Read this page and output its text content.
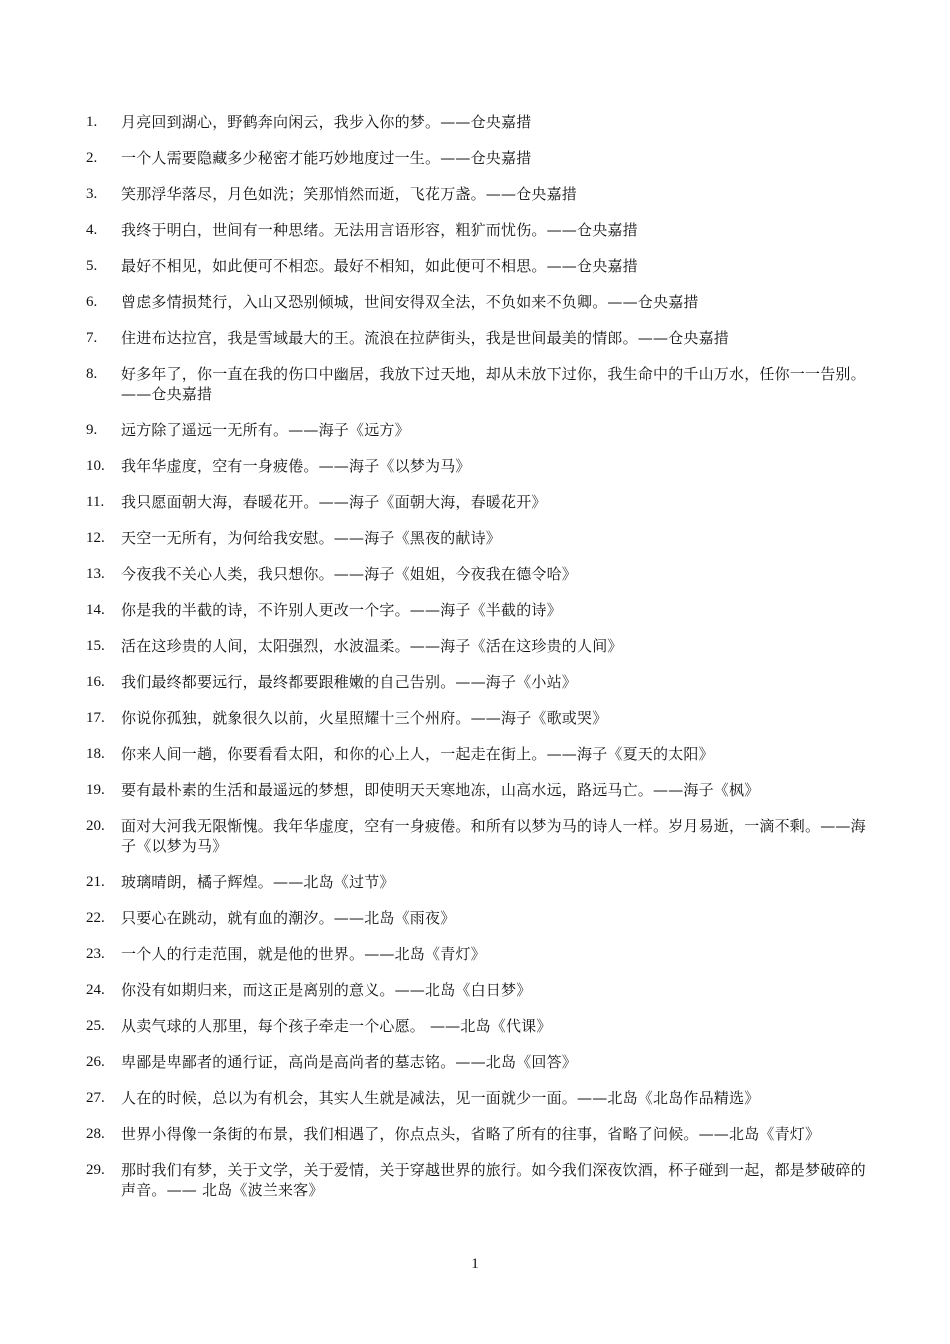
1.	月亮回到湖心，野鹤奔向闲云，我步入你的梦。——仓央嘉措
2.	一个人需要隐藏多少秘密才能巧妙地度过一生。——仓央嘉措
3.	笑那浮华落尽，月色如洗；笑那悄然而逝，飞花万盏。——仓央嘉措
4.	我终于明白，世间有一种思绪。无法用言语形容，粗犷而忧伤。——仓央嘉措
5.	最好不相见，如此便可不相恋。最好不相知，如此便可不相思。——仓央嘉措
6.	曾虑多情损梵行，入山又恐别倾城，世间安得双全法，不负如来不负卿。——仓央嘉措
7.	住进布达拉宫，我是雪域最大的王。流浪在拉萨街头，我是世间最美的情郎。——仓央嘉措
8.	好多年了，你一直在我的伤口中幽居，我放下过天地，却从未放下过你，我生命中的千山万水，任你一一告别。——仓央嘉措
9.	远方除了遥远一无所有。——海子《远方》
10.	我年华虚度，空有一身疲倦。——海子《以梦为马》
11.	我只愿面朝大海，春暖花开。——海子《面朝大海，春暖花开》
12.	天空一无所有，为何给我安慰。——海子《黑夜的献诗》
13.	今夜我不关心人类，我只想你。——海子《姐姐，今夜我在德令哈》
14.	你是我的半截的诗，不许别人更改一个字。——海子《半截的诗》
15.	活在这珍贵的人间，太阳强烈，水波温柔。——海子《活在这珍贵的人间》
16.	我们最终都要远行，最终都要跟稚嫩的自己告别。——海子《小站》
17.	你说你孤独，就象很久以前，火星照耀十三个州府。——海子《歌或哭》
18.	你来人间一趟，你要看看太阳，和你的心上人，一起走在街上。——海子《夏天的太阳》
19.	要有最朴素的生活和最遥远的梦想，即使明天天寒地冻，山高水远，路远马亡。——海子《枫》
20.	面对大河我无限惭愧。我年华虚度，空有一身疲倦。和所有以梦为马的诗人一样。岁月易逝，一滴不剩。——海子《以梦为马》
21.	玻璃晴朗，橘子辉煌。——北岛《过节》
22.	只要心在跳动，就有血的潮汐。——北岛《雨夜》
23.	一个人的行走范围，就是他的世界。——北岛《青灯》
24.	你没有如期归来，而这正是离别的意义。——北岛《白日梦》
25.	从卖气球的人那里，每个孩子牵走一个心愿。 ——北岛《代课》
26.	卑鄙是卑鄙者的通行证，高尚是高尚者的墓志铭。——北岛《回答》
27.	人在的时候，总以为有机会，其实人生就是减法，见一面就少一面。——北岛《北岛作品精选》
28.	世界小得像一条街的布景，我们相遇了，你点点头，省略了所有的往事，省略了问候。——北岛《青灯》
29.	那时我们有梦，关于文学，关于爱情，关于穿越世界的旅行。如今我们深夜饮酒，杯子碰到一起，都是梦破碎的声音。—— 北岛《波兰来客》
1
